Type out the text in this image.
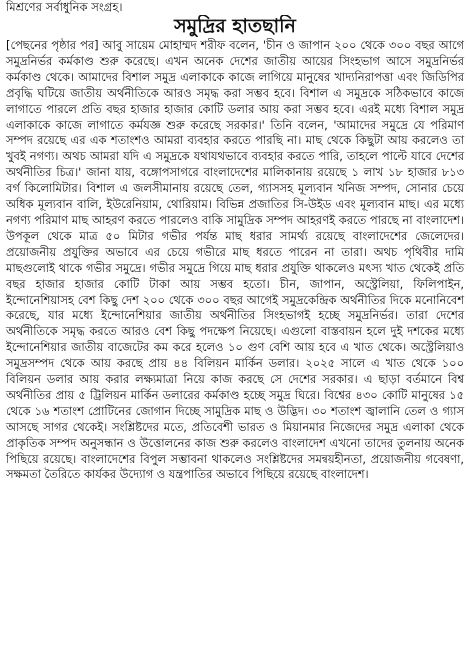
মিশ্রণের সর্বাধুনিক সংগ্রহ।
সমুদ্রির হাতছানি

[পেছনের পৃষ্ঠার পর] আবু সায়েম মোহাম্মদ শরীফ বলেন, 'চীন ও জাপান ২০০ থেকে ৩০০ বছর আগে সমুদ্রনির্ভর কর্মকাণ্ড শুরু করেছে। এখন অনেক দেশের জাতীয় আয়ের সিংহভাগ আসে সমুদ্রনির্ভর কর্মকাণ্ড থেকে। আমাদের বিশাল সমুদ্র এলাকাকে কাজে লাগিয়ে মানুষের খাদ্যনিরাপত্তা এবং জিডিপির প্রবৃদ্ধি ঘটিয়ে জাতীয় অর্থনীতিকে আরও সমৃদ্ধ করা সম্ভব হবে। বিশাল এ সমুদ্রকে সঠিকভাবে কাজে লাগাতে পারলে প্রতি বছর হাজার হাজার কোটি ডলার আয় করা সম্ভব হবে। এরই মধ্যে বিশাল সমুদ্র এলাকাকে কাজে লাগাতে কর্মযজ্ঞ শুরু করেছে সরকার।' তিনি বলেন, 'আমাদের সমুদ্রে যে পরিমাণ সম্পদ রয়েছে এর এক শতাংশও আমরা ব্যবহার করতে পারছি না। মাছ থেকে কিছুটা আয় করলেও তা খুবই নগণ্য। অথচ আমরা যদি এ সমুদ্রকে যথাযথভাবে ব্যবহার করতে পারি, তাহলে পাল্টে যাবে দেশের অর্থনীতির চিত্র।' জানা যায়, বঙ্গোপসাগরে বাংলাদেশের মালিকানায় রয়েছে ১ লাখ ১৮ হাজার ৮১৩ বর্গ কিলোমিটার। বিশাল এ জলসীমানায় রয়েছে তেল, গ্যাসসহ মূল্যবান খনিজ সম্পদ, সোনার চেয়ে অধিক মূল্যবান বালি, ইউরেনিয়াম, থোরিয়াম। বিভিন্ন প্রজাতির সি-উইড এবং মূল্যবান মাছ। এর মধ্যে নগণ্য পরিমাণ মাছ আহরণ করতে পারলেও বাকি সামুদ্রিক সম্পদ আহরণই করতে পারছে না বাংলাদেশ। উপকূল থেকে মাত্র ৫০ মিটার গভীর পর্যন্ত মাছ ধরার সামর্থ্য রয়েছে বাংলাদেশের জেলেদের। প্রয়োজনীয় প্রযুক্তির অভাবে এর চেয়ে গভীরে মাছ ধরতে পারেন না তারা। অথচ পৃথিবীর দামি মাছগুলোই থাকে গভীর সমুদ্রে। গভীর সমুদ্রে গিয়ে মাছ ধরার প্রযুক্তি থাকলেও মৎস্য খাত থেকেই প্রতি বছর হাজার হাজার কোটি টাকা আয় সম্ভব হতো। চীন, জাপান, অস্ট্রেলিয়া, ফিলিপাইন, ইন্দোনেশিয়াসহ বেশ কিছু দেশ ২০০ থেকে ৩০০ বছর আগেই সমুদ্রকেন্দ্রিক অর্থনীতির দিকে মনোনিবেশ করেছে, যার মধ্যে ইন্দোনেশিয়ার জাতীয় অর্থনীতির সিংহভাগই হচ্ছে সমুদ্রনির্ভর। তারা দেশের অর্থনীতিকে সমৃদ্ধ করতে আরও বেশ কিছু পদক্ষেপ নিয়েছে। এগুলো বাস্তবায়ন হলে দুই দশকের মধ্যে ইন্দোনেশিয়ার জাতীয় বাজেটের কম করে হলেও ১০ গুণ বেশি আয় হবে এ খাত থেকে। অস্ট্রেলিয়াও সমুদ্রসম্পদ থেকে আয় করছে প্রায় ৪৪ বিলিয়ন মার্কিন ডলার। ২০২৫ সালে এ খাত থেকে ১০০ বিলিয়ন ডলার আয় করার লক্ষ্যমাত্রা নিয়ে কাজ করছে সে দেশের সরকার। এ ছাড়া বর্তমানে বিশ্ব অর্থনীতির প্রায় ৫ ট্রিলিয়ন মার্কিন ডলারের কর্মকাণ্ড হচ্ছে সমুদ্র ঘিরে। বিশ্বের ৪৩০ কোটি মানুষের ১৫ থেকে ১৬ শতাংশ প্রোটিনের জোগান দিচ্ছে সামুদ্রিক মাছ ও উদ্ভিদ। ৩০ শতাংশ জ্বালানি তেল ও গ্যাস আসছে সাগর থেকেই। সংশ্লিষ্টদের মতে, প্রতিবেশী ভারত ও মিয়ানমার নিজেদের সমুদ্র এলাকা থেকে প্রাকৃতিক সম্পদ অনুসন্ধান ও উত্তোলনের কাজ শুরু করলেও বাংলাদেশ এখনো তাদের তুলনায় অনেক পিছিয়ে রয়েছে। বাংলাদেশের বিপুল সম্ভাবনা থাকলেও সংশ্লিষ্টদের সমন্বয়হীনতা, প্রয়োজনীয় গবেষণা, সক্ষমতা তৈরিতে কার্যকর উদ্যোগ ও যন্ত্রপাতির অভাবে পিছিয়ে রয়েছে বাংলাদেশ।
